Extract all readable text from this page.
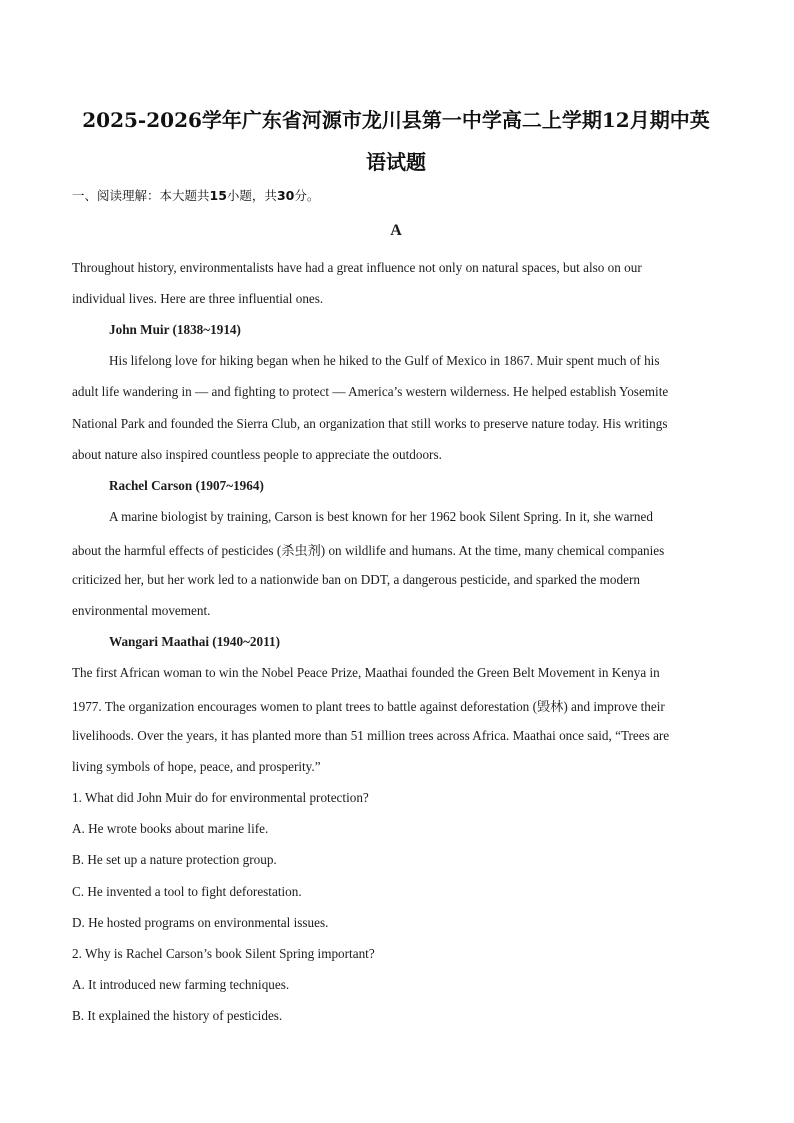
2025-2026学年广东省河源市龙川县第一中学高二上学期12月期中英
语试题
一、阅读理解：本大题共15小题，共30分。
A
Throughout history, environmentalists have had a great influence not only on natural spaces, but also on our
individual lives. Here are three influential ones.
John Muir (1838~1914)
His lifelong love for hiking began when he hiked to the Gulf of Mexico in 1867. Muir spent much of his
adult life wandering in — and fighting to protect — America’s western wilderness. He helped establish Yosemite
National Park and founded the Sierra Club, an organization that still works to preserve nature today. His writings
about nature also inspired countless people to appreciate the outdoors.
Rachel Carson (1907~1964)
A marine biologist by training, Carson is best known for her 1962 book Silent Spring. In it, she warned
about the harmful effects of pesticides (杀虫剂) on wildlife and humans. At the time, many chemical companies
criticized her, but her work led to a nationwide ban on DDT, a dangerous pesticide, and sparked the modern
environmental movement.
Wangari Maathai (1940~2011)
The first African woman to win the Nobel Peace Prize, Maathai founded the Green Belt Movement in Kenya in
1977. The organization encourages women to plant trees to battle against deforestation (毁林) and improve their
livelihoods. Over the years, it has planted more than 51 million trees across Africa. Maathai once said, “Trees are
living symbols of hope, peace, and prosperity.”
1. What did John Muir do for environmental protection?
A. He wrote books about marine life.
B. He set up a nature protection group.
C. He invented a tool to fight deforestation.
D. He hosted programs on environmental issues.
2. Why is Rachel Carson’s book Silent Spring important?
A. It introduced new farming techniques.
B. It explained the history of pesticides.
